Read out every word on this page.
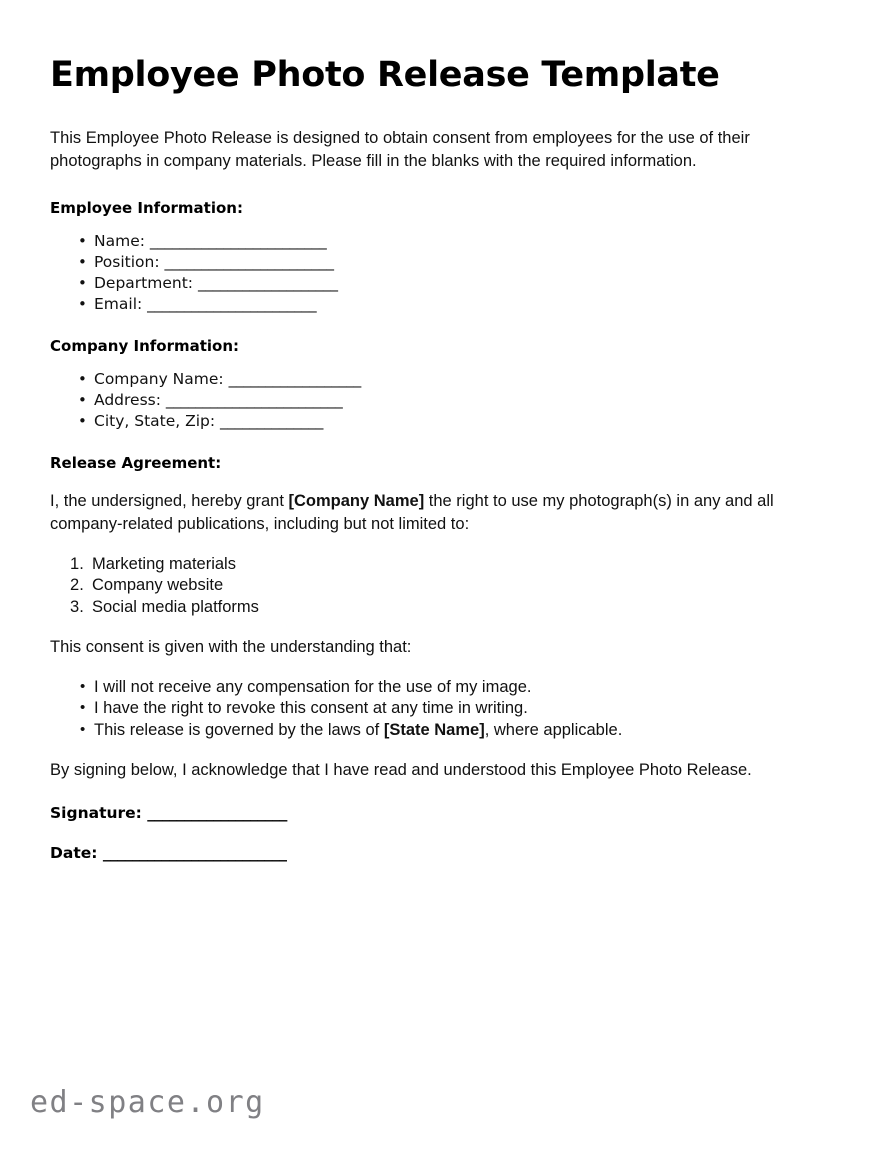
Employee Photo Release Template

This Employee Photo Release is designed to obtain consent from employees for the use of their photographs in company materials. Please fill in the blanks with the required information.

Employee Information:
• Name: ________________________
• Position: _______________________
• Department: ___________________
• Email: _______________________
Company Information:
• Company Name: __________________
• Address: ________________________
• City, State, Zip: ______________
Release Agreement:

I, the undersigned, hereby grant [Company Name] the right to use my photograph(s) in any and all company-related publications, including but not limited to:

Marketing materials
Company website
Social media platforms

This consent is given with the understanding that:

• I will not receive any compensation for the use of my image.
• I have the right to revoke this consent at any time in writing.
• This release is governed by the laws of [State Name], where applicable.

By signing below, I acknowledge that I have read and understood this Employee Photo Release.

Signature: ___________________

Date: _________________________

ed-space.org
